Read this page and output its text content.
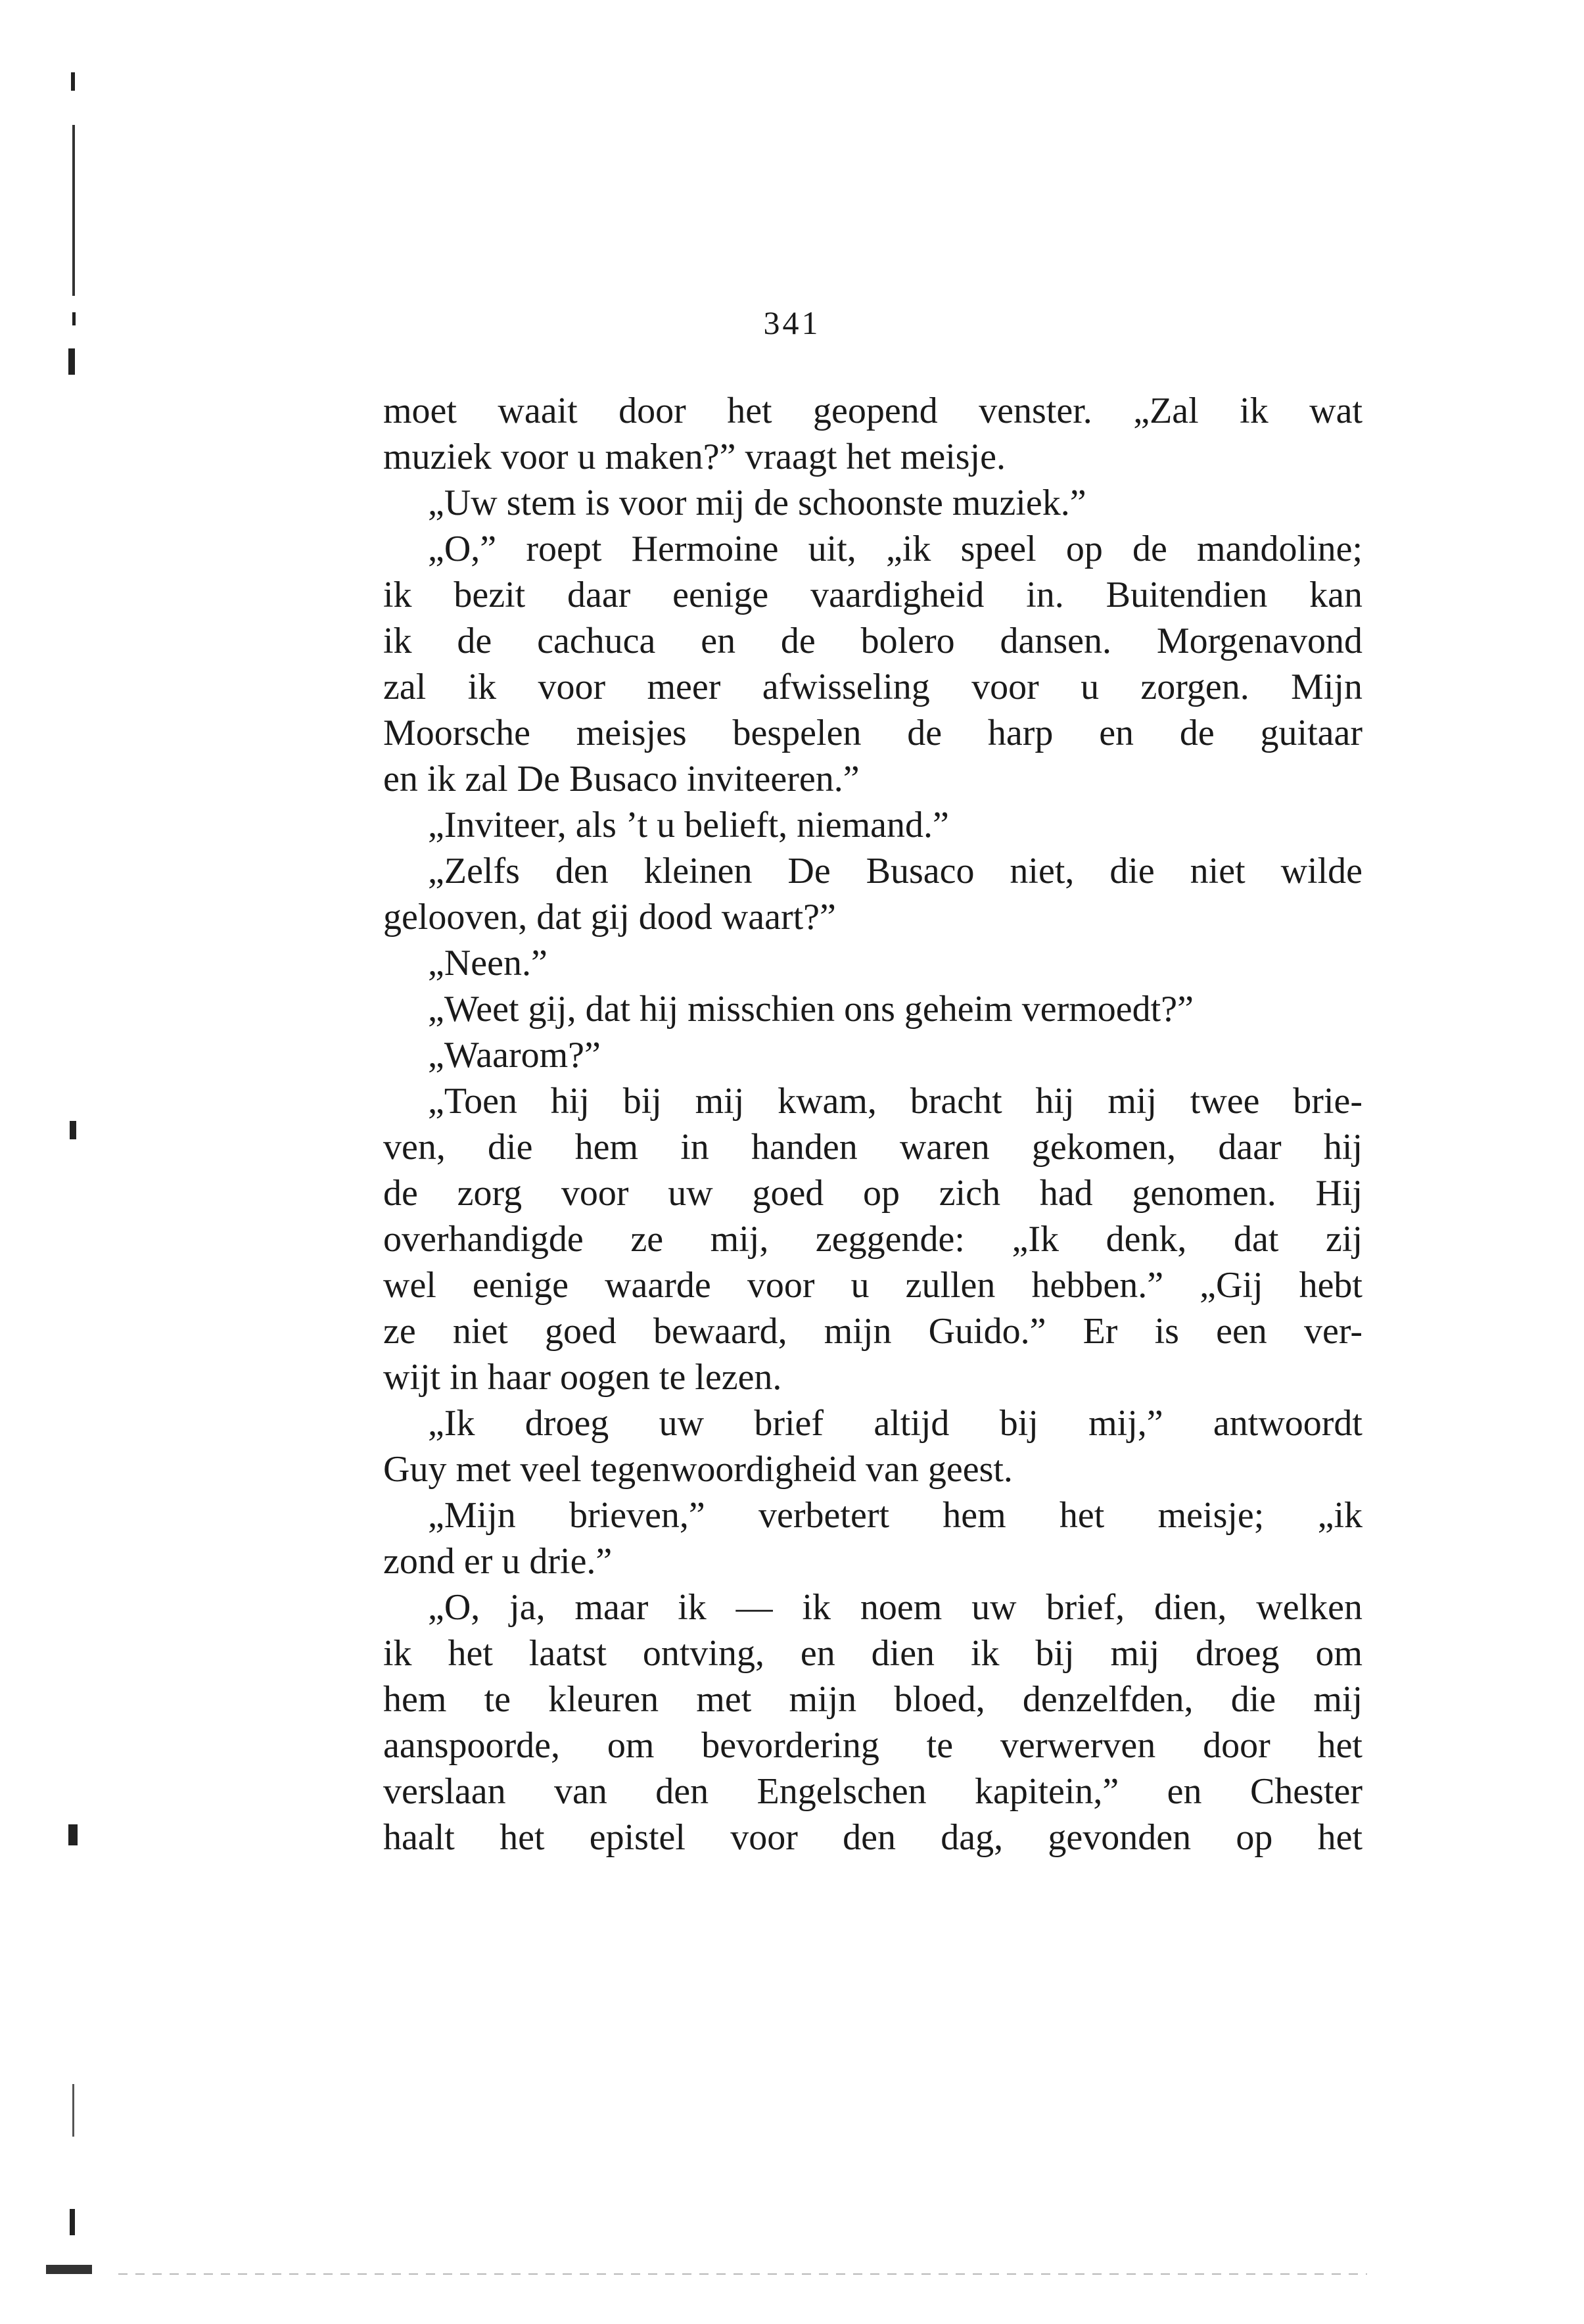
341
moet waait door het geopend venster. „Zal ik wat
muziek voor u maken?” vraagt het meisje.
„Uw stem is voor mij de schoonste muziek.”
„O,” roept Hermoine uit, „ik speel op de mandoline;
ik bezit daar eenige vaardigheid in. Buitendien kan
ik de cachuca en de bolero dansen. Morgenavond
zal ik voor meer afwisseling voor u zorgen. Mijn
Moorsche meisjes bespelen de harp en de guitaar
en ik zal De Busaco inviteeren.”
„Inviteer, als ’t u belieft, niemand.”
„Zelfs den kleinen De Busaco niet, die niet wilde
gelooven, dat gij dood waart?”
„Neen.”
„Weet gij, dat hij misschien ons geheim vermoedt?”
„Waarom?”
„Toen hij bij mij kwam, bracht hij mij twee brie-
ven, die hem in handen waren gekomen, daar hij
de zorg voor uw goed op zich had genomen. Hij
overhandigde ze mij, zeggende: „Ik denk, dat zij
wel eenige waarde voor u zullen hebben.” „Gij hebt
ze niet goed bewaard, mijn Guido.” Er is een ver-
wijt in haar oogen te lezen.
„Ik droeg uw brief altijd bij mij,” antwoordt
Guy met veel tegenwoordigheid van geest.
„Mijn brieven,” verbetert hem het meisje; „ik
zond er u drie.”
„O, ja, maar ik — ik noem uw brief, dien, welken
ik het laatst ontving, en dien ik bij mij droeg om
hem te kleuren met mijn bloed, denzelfden, die mij
aanspoorde, om bevordering te verwerven door het
verslaan van den Engelschen kapitein,” en Chester
haalt het epistel voor den dag, gevonden op het
